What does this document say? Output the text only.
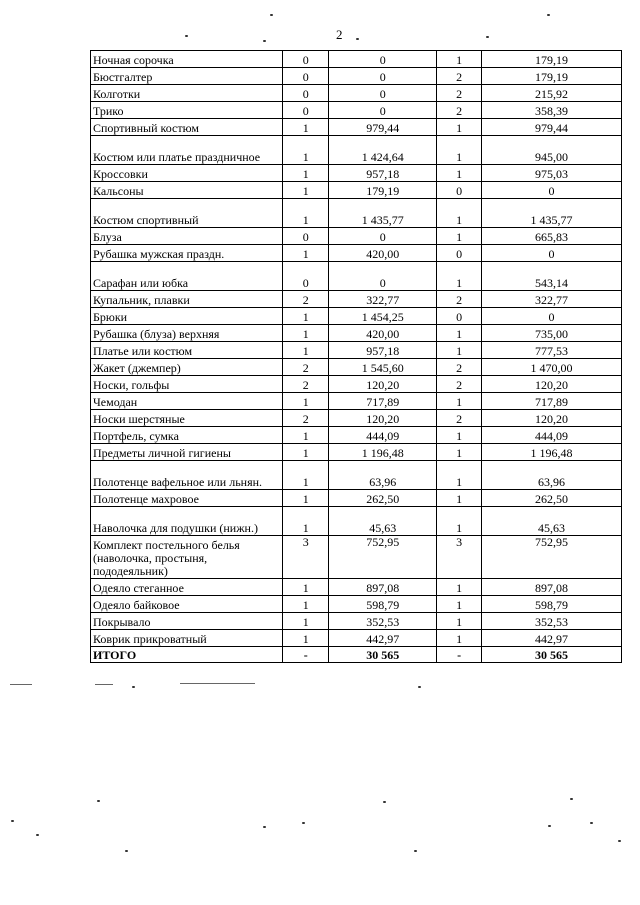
2
Ночная сорочка	0	0	1	179,19
Бюстгалтер	0	0	2	179,19
Колготки	0	0	2	215,92
Трико	0	0	2	358,39
Спортивный костюм	1	979,44	1	979,44
Костюм или платье праздничное	1	1 424,64	1	945,00
Кроссовки	1	957,18	1	975,03
Кальсоны	1	179,19	0	0
Костюм спортивный	1	1 435,77	1	1 435,77
Блуза	0	0	1	665,83
Рубашка мужская праздн.	1	420,00	0	0
Сарафан или юбка	0	0	1	543,14
Купальник, плавки	2	322,77	2	322,77
Брюки	1	1 454,25	0	0
Рубашка (блуза) верхняя	1	420,00	1	735,00
Платье или костюм	1	957,18	1	777,53
Жакет (джемпер)	2	1 545,60	2	1 470,00
Носки, гольфы	2	120,20	2	120,20
Чемодан	1	717,89	1	717,89
Носки шерстяные	2	120,20	2	120,20
Портфель, сумка	1	444,09	1	444,09
Предметы личной гигиены	1	1 196,48	1	1 196,48
Полотенце вафельное или льнян.	1	63,96	1	63,96
Полотенце махровое	1	262,50	1	262,50
Наволочка для подушки (нижн.)	1	45,63	1	45,63
Комплект постельного белья (наволочка, простыня, пододеяльник)	3	752,95	3	752,95
Одеяло стеганное	1	897,08	1	897,08
Одеяло байковое	1	598,79	1	598,79
Покрывало	1	352,53	1	352,53
Коврик прикроватный	1	442,97	1	442,97
ИТОГО	-	30 565	-	30 565
